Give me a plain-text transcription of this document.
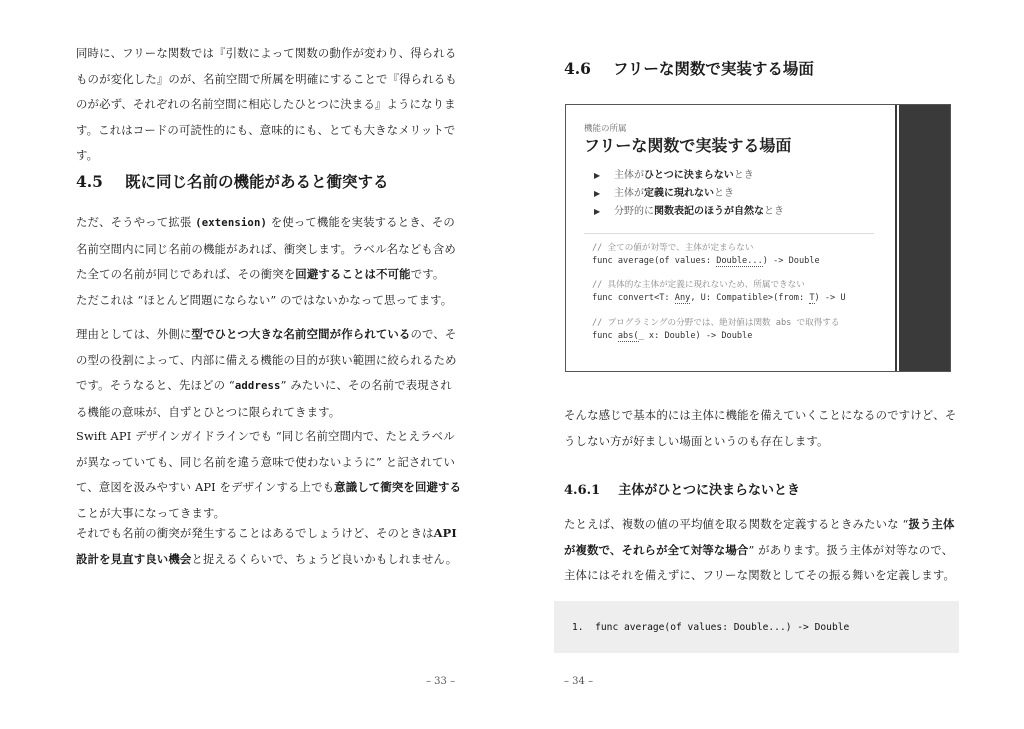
同時に、フリーな関数では『引数によって関数の動作が変わり、得られるものが変化した』のが、名前空間で所属を明確にすることで『得られるものが必ず、それぞれの名前空間に相応したひとつに決まる』ようになります。これはコードの可読性的にも、意味的にも、とても大きなメリットです。

4.5 既に同じ名前の機能があると衝突する

ただ、そうやって拡張 (extension) を使って機能を実装するとき、その名前空間内に同じ名前の機能があれば、衝突します。ラベル名なども含めた全ての名前が同じであれば、その衝突を回避することは不可能です。

ただこれは “ほとんど問題にならない” のではないかなって思ってます。

理由としては、外側に型でひとつ大きな名前空間が作られているので、その型の役割によって、内部に備える機能の目的が狭い範囲に絞られるためです。そうなると、先ほどの “address” みたいに、その名前で表現される機能の意味が、自ずとひとつに限られてきます。

Swift API デザインガイドラインでも “同じ名前空間内で、たとえラベルが異なっていても、同じ名前を違う意味で使わないように” と記されていて、意図を汲みやすい API をデザインする上でも意識して衝突を回避することが大事になってきます。

それでも名前の衝突が発生することはあるでしょうけど、そのときはAPI 設計を見直す良い機会と捉えるくらいで、ちょうど良いかもしれません。

– 33 –
4.6 フリーな関数で実装する場面
機能の所属
フリーな関数で実装する場面
▶ 主体がひとつに決まらないとき
▶ 主体が定義に現れないとき
▶ 分野的に関数表記のほうが自然なとき
// 全ての値が対等で、主体が定まらない
func average(of values: Double...) -> Double
// 具体的な主体が定義に現れないため、所属できない
func convert<T: Any, U: Compatible>(from: T) -> U
// プログラミングの分野では、絶対値は関数 abs で取得する
func abs(_ x: Double) -> Double

そんな感じで基本的には主体に機能を備えていくことになるのですけど、そうしない方が好ましい場面というのも存在します。

4.6.1 主体がひとつに決まらないとき

たとえば、複数の値の平均値を取る関数を定義するときみたいな “扱う主体が複数で、それらが全て対等な場合” があります。扱う主体が対等なので、主体にはそれを備えずに、フリーな関数としてその振る舞いを定義します。

1. func average(of values: Double...) -> Double
– 34 –
